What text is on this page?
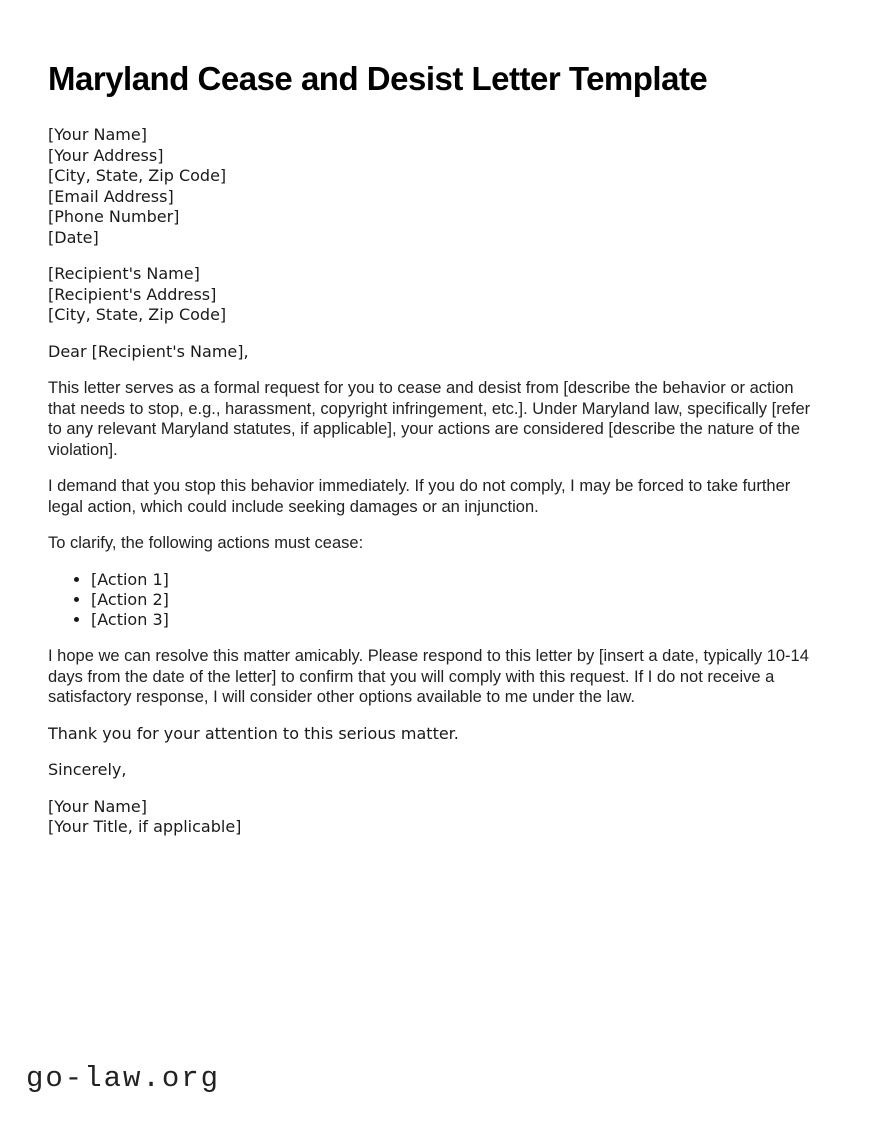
Maryland Cease and Desist Letter Template
[Your Name]
[Your Address]
[City, State, Zip Code]
[Email Address]
[Phone Number]
[Date]
[Recipient's Name]
[Recipient's Address]
[City, State, Zip Code]

Dear [Recipient's Name],

This letter serves as a formal request for you to cease and desist from [describe the behavior or action that needs to stop, e.g., harassment, copyright infringement, etc.]. Under Maryland law, specifically [refer to any relevant Maryland statutes, if applicable], your actions are considered [describe the nature of the violation].

I demand that you stop this behavior immediately. If you do not comply, I may be forced to take further legal action, which could include seeking damages or an injunction.

To clarify, the following actions must cease:

• [Action 1]
• [Action 2]
• [Action 3]

I hope we can resolve this matter amicably. Please respond to this letter by [insert a date, typically 10-14 days from the date of the letter] to confirm that you will comply with this request. If I do not receive a satisfactory response, I will consider other options available to me under the law.

Thank you for your attention to this serious matter.

Sincerely,

[Your Name]
[Your Title, if applicable]
go-law.org
